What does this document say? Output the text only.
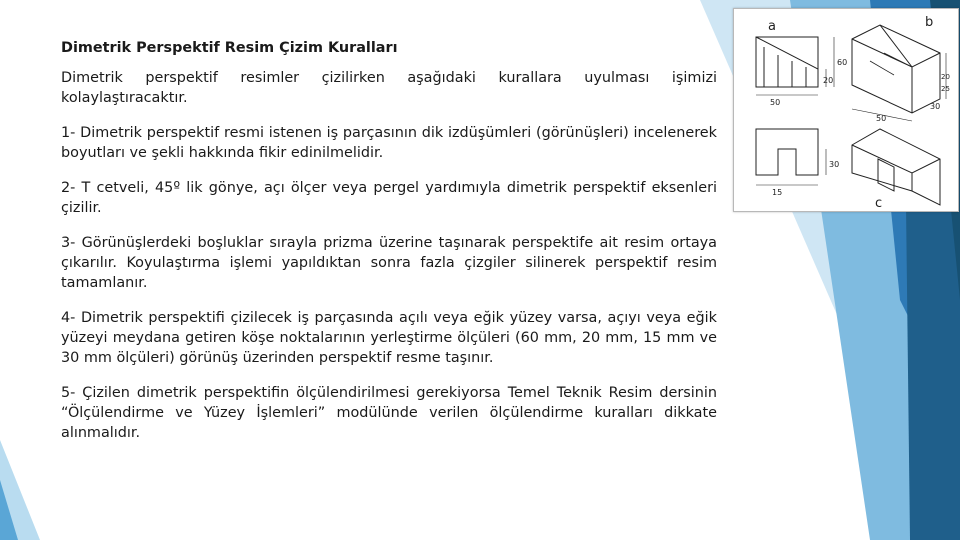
a
50
20
60
b
50
30
20
25
30
15
c

Dimetrik Perspektif Resim Çizim Kuralları

Dimetrik perspektif resimler çizilirken aşağıdaki kurallara uyulması işimizi kolaylaştıracaktır.

1- Dimetrik perspektif resmi istenen iş parçasının dik izdüşümleri (görünüşleri) incelenerek boyutları ve şekli hakkında fikir edinilmelidir.

2- T cetveli, 45º lik gönye, açı ölçer veya pergel yardımıyla dimetrik perspektif eksenleri çizilir.

3- Görünüşlerdeki boşluklar sırayla prizma üzerine taşınarak perspektife ait resim ortaya çıkarılır. Koyulaştırma işlemi yapıldıktan sonra fazla çizgiler silinerek perspektif resim tamamlanır.

4- Dimetrik perspektifi çizilecek iş parçasında açılı veya eğik yüzey varsa, açıyı veya eğik yüzeyi meydana getiren köşe noktalarının yerleştirme ölçüleri (60 mm, 20 mm, 15 mm ve 30 mm ölçüleri) görünüş üzerinden perspektif resme taşınır.

5- Çizilen dimetrik perspektifin ölçülendirilmesi gerekiyorsa Temel Teknik Resim dersinin “Ölçülendirme ve Yüzey İşlemleri” modülünde verilen ölçülendirme kuralları dikkate alınmalıdır.
